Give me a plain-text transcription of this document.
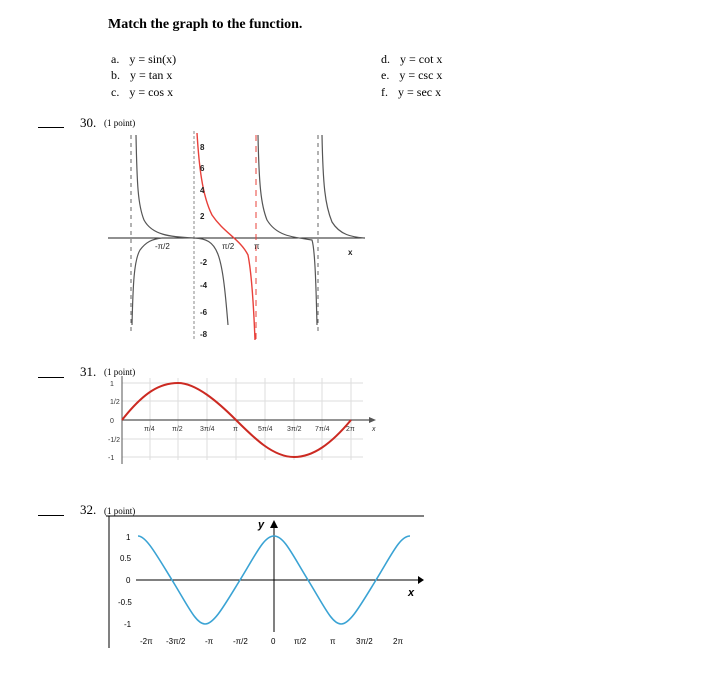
Match the graph to the function.
a. y = sin(x)
b. y = tan x
c. y = cos x
d. y = cot x
e. y = csc x
f. y = sec x
30. (1 point)
-π/2	π/2 π
x
8
6
4
2
-2
-4
-6
-8
31. (1 point)
1
1/2
0
-1/2
-1
π/4 π/2 3π/4	π	5π/4 3π/2 7π/4 2π x
32. (1 point)
y
x
1
0.5
0
-0.5
-1
-2π -3π/2 -π -π/2	0 π/2	π	3π/2	2π
